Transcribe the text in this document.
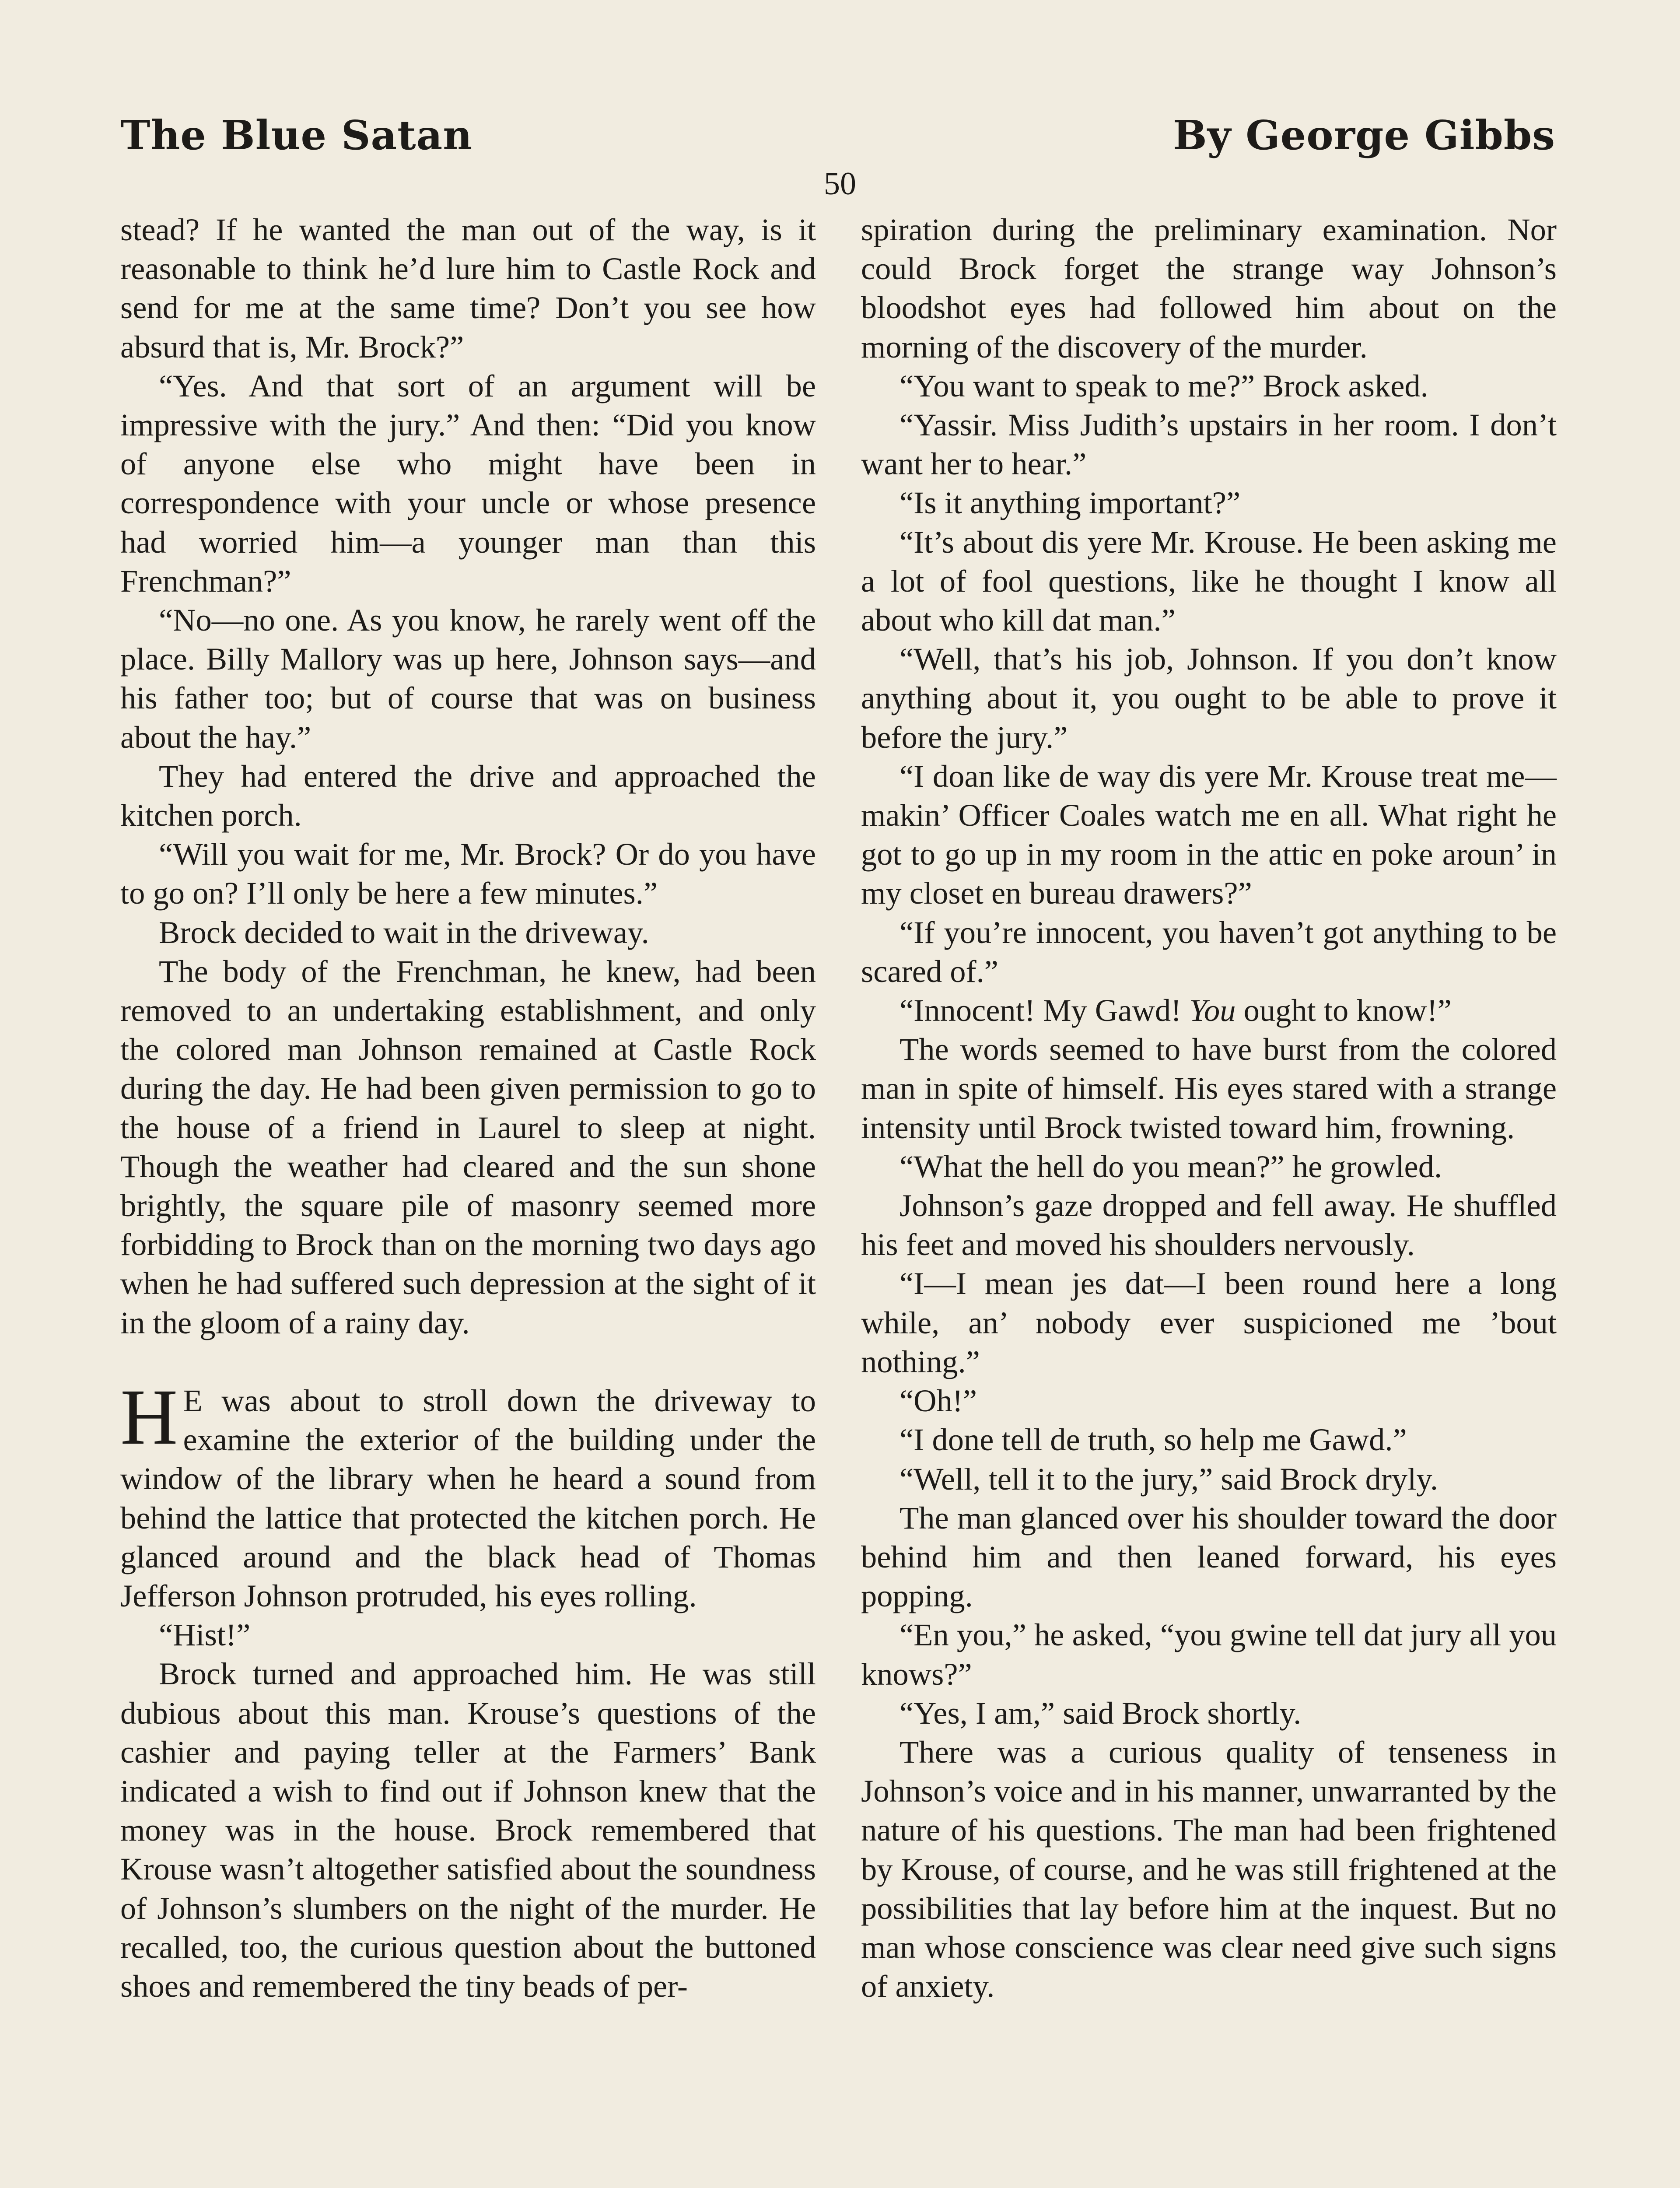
The Blue Satan	By George Gibbs
50

stead? If he wanted the man out of the way, is it reasonable to think he’d lure him to Castle Rock and send for me at the same time? Don’t you see how absurd that is, Mr. Brock?”

“Yes. And that sort of an argument will be impressive with the jury.” And then: “Did you know of anyone else who might have been in correspondence with your uncle or whose presence had worried him—a younger man than this Frenchman?”

“No—no one. As you know, he rarely went off the place. Billy Mallory was up here, Johnson says—and his father too; but of course that was on business about the hay.”

They had entered the drive and approached the kitchen porch.

“Will you wait for me, Mr. Brock? Or do you have to go on? I’ll only be here a few minutes.”

Brock decided to wait in the driveway.

The body of the Frenchman, he knew, had been removed to an undertaking establishment, and only the colored man Johnson remained at Castle Rock during the day. He had been given permission to go to the house of a friend in Laurel to sleep at night. Though the weather had cleared and the sun shone brightly, the square pile of masonry seemed more forbidding to Brock than on the morning two days ago when he had suffered such depression at the sight of it in the gloom of a rainy day.

H E was about to stroll down the driveway to examine the exterior of the building under the window of the library when he heard a sound from behind the lattice that protected the kitchen porch. He glanced around and the black head of Thomas Jefferson Johnson protruded, his eyes rolling.

“Hist!”

Brock turned and approached him. He was still dubious about this man. Krouse’s questions of the cashier and paying teller at the Farmers’ Bank indicated a wish to find out if Johnson knew that the money was in the house. Brock remembered that Krouse wasn’t altogether satisfied about the soundness of Johnson’s slumbers on the night of the murder. He recalled, too, the curious question about the buttoned shoes and remembered the tiny beads of per-

spiration during the preliminary examination. Nor could Brock forget the strange way Johnson’s bloodshot eyes had followed him about on the morning of the discovery of the murder.

“You want to speak to me?” Brock asked.

“Yassir. Miss Judith’s upstairs in her room. I don’t want her to hear.”

“Is it anything important?”

“It’s about dis yere Mr. Krouse. He been asking me a lot of fool questions, like he thought I know all about who kill dat man.”

“Well, that’s his job, Johnson. If you don’t know anything about it, you ought to be able to prove it before the jury.”

“I doan like de way dis yere Mr. Krouse treat me—makin’ Officer Coales watch me en all. What right he got to go up in my room in the attic en poke aroun’ in my closet en bureau drawers?”

“If you’re innocent, you haven’t got anything to be scared of.”

“Innocent! My Gawd! You ought to know!”

The words seemed to have burst from the colored man in spite of himself. His eyes stared with a strange intensity until Brock twisted toward him, frowning.

“What the hell do you mean?” he growled.

Johnson’s gaze dropped and fell away. He shuffled his feet and moved his shoulders nervously.

“I—I mean jes dat—I been round here a long while, an’ nobody ever suspicioned me ’bout nothing.”

“Oh!”

“I done tell de truth, so help me Gawd.”

“Well, tell it to the jury,” said Brock dryly.

The man glanced over his shoulder toward the door behind him and then leaned forward, his eyes popping.

“En you,” he asked, “you gwine tell dat jury all you knows?”

“Yes, I am,” said Brock shortly.

There was a curious quality of tenseness in Johnson’s voice and in his manner, unwarranted by the nature of his questions. The man had been frightened by Krouse, of course, and he was still frightened at the possibilities that lay before him at the inquest. But no man whose conscience was clear need give such signs of anxiety.
